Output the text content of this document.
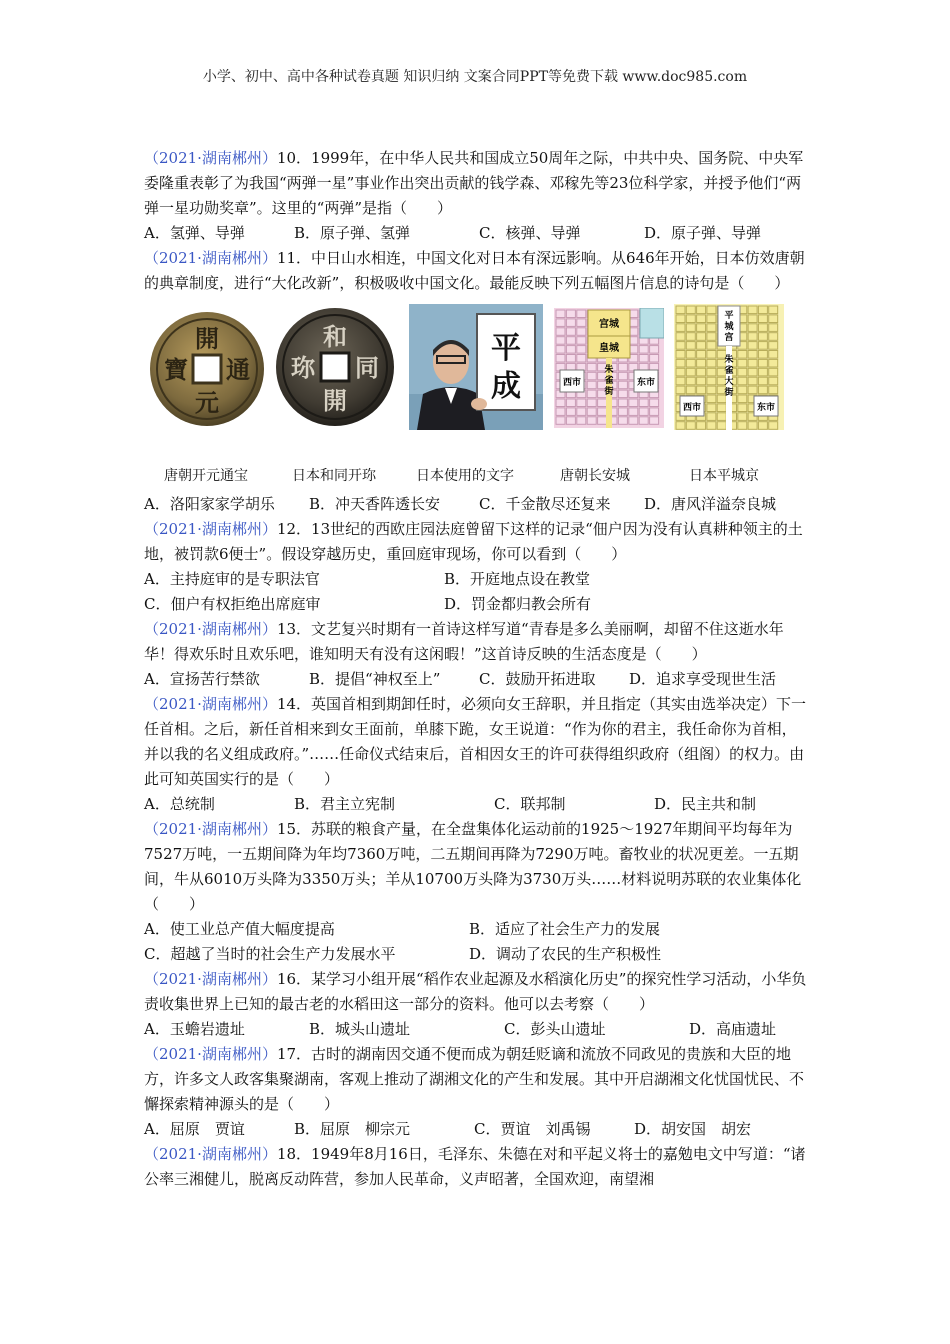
小学、初中、高中各种试卷真题 知识归纳 文案合同PPT等免费下载 www.doc985.com

（2021·湖南郴州）10．1999年，在中华人民共和国成立50周年之际，中共中央、国务院、中央军委隆重表彰了为我国“两弹一星”事业作出突出贡献的钱学森、邓稼先等23位科学家，并授予他们“两弹一星功勋奖章”。这里的“两弹”是指（　　）

A．氢弹、导弹	B．原子弹、氢弹	C．核弹、导弹	D．原子弹、导弹

（2021·湖南郴州）11．中日山水相连，中国文化对日本有深远影响。从646年开始，日本仿效唐朝的典章制度，进行“大化改新”，积极吸收中国文化。最能反映下列五幅图片信息的诗句是（　　）

開
元
通
寶
和
同
開
珎
平
成
宫城
皇城
西市	东市
朱
雀
街
西市	东市
平
城
宫
朱
雀
大
街
唐朝开元通宝	日本和同开珎	日本使用的文字	唐朝长安城	日本平城京
A．洛阳家家学胡乐	B．冲天香阵透长安	C．千金散尽还复来	D．唐风洋溢奈良城

（2021·湖南郴州）12．13世纪的西欧庄园法庭曾留下这样的记录“佃户因为没有认真耕种领主的土地，被罚款6便士”。假设穿越历史，重回庭审现场，你可以看到（　　）

A．主持庭审的是专职法官	B．开庭地点设在教堂
C．佃户有权拒绝出席庭审	D．罚金都归教会所有

（2021·湖南郴州）13．文艺复兴时期有一首诗这样写道“青春是多么美丽啊，却留不住这逝水年华！得欢乐时且欢乐吧，谁知明天有没有这闲暇！”这首诗反映的生活态度是（　　）

A．宣扬苦行禁欲	B．提倡“神权至上”	C．鼓励开拓进取	D．追求享受现世生活

（2021·湖南郴州）14．英国首相到期卸任时，必须向女王辞职，并且指定（其实由选举决定）下一任首相。之后，新任首相来到女王面前，单膝下跪，女王说道：“作为你的君主，我任命你为首相，并以我的名义组成政府。”……任命仪式结束后，首相因女王的许可获得组织政府（组阁）的权力。由此可知英国实行的是（　　）

A．总统制	B．君主立宪制	C．联邦制	D．民主共和制

（2021·湖南郴州）15．苏联的粮食产量，在全盘集体化运动前的1925～1927年期间平均每年为7527万吨，一五期间降为年均7360万吨，二五期间再降为7290万吨。畜牧业的状况更差。一五期间，牛从6010万头降为3350万头；羊从10700万头降为3730万头……材料说明苏联的农业集体化（　　）

A．使工业总产值大幅度提高	B．适应了社会生产力的发展
C．超越了当时的社会生产力发展水平	D．调动了农民的生产积极性

（2021·湖南郴州）16．某学习小组开展“稻作农业起源及水稻演化历史”的探究性学习活动，小华负责收集世界上已知的最古老的水稻田这一部分的资料。他可以去考察（　　）

A．玉蟾岩遗址	B．城头山遗址	C．彭头山遗址	D．高庙遗址

（2021·湖南郴州）17．古时的湖南因交通不便而成为朝廷贬谪和流放不同政见的贵族和大臣的地方，许多文人政客集聚湖南，客观上推动了湖湘文化的产生和发展。其中开启湖湘文化忧国忧民、不懈探索精神源头的是（　　）

A．屈原　贾谊	B．屈原　柳宗元	C．贾谊　刘禹锡	D．胡安国　胡宏

（2021·湖南郴州）18．1949年8月16日，毛泽东、朱德在对和平起义将士的嘉勉电文中写道：“诸公率三湘健儿，脱离反动阵营，参加人民革命，义声昭著，全国欢迎，南望湘
